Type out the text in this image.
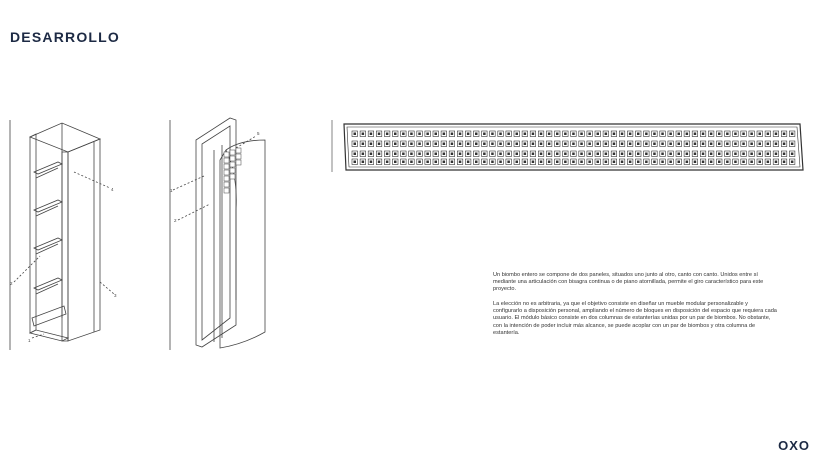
DESARROLLO
4
2
3
1
5
1
2

Un biombo entero se compone de dos paneles, situados uno junto al otro, canto con canto. Unidos entre sí mediante una articulación con bisagra continua o de piano atornillada, permite el giro característico para este proyecto.

La elección no es arbitraria, ya que el objetivo consiste en diseñar un mueble modular personalizable y configurarlo a disposición personal, ampliando el número de bloques en disposición del espacio que requiera cada usuario. El módulo básico consiste en dos columnas de estanterías unidas por un par de biombos. No obstante, con la intención de poder incluir más alcance, se puede acoplar con un par de biombos y otra columna de estantería.

OXO
